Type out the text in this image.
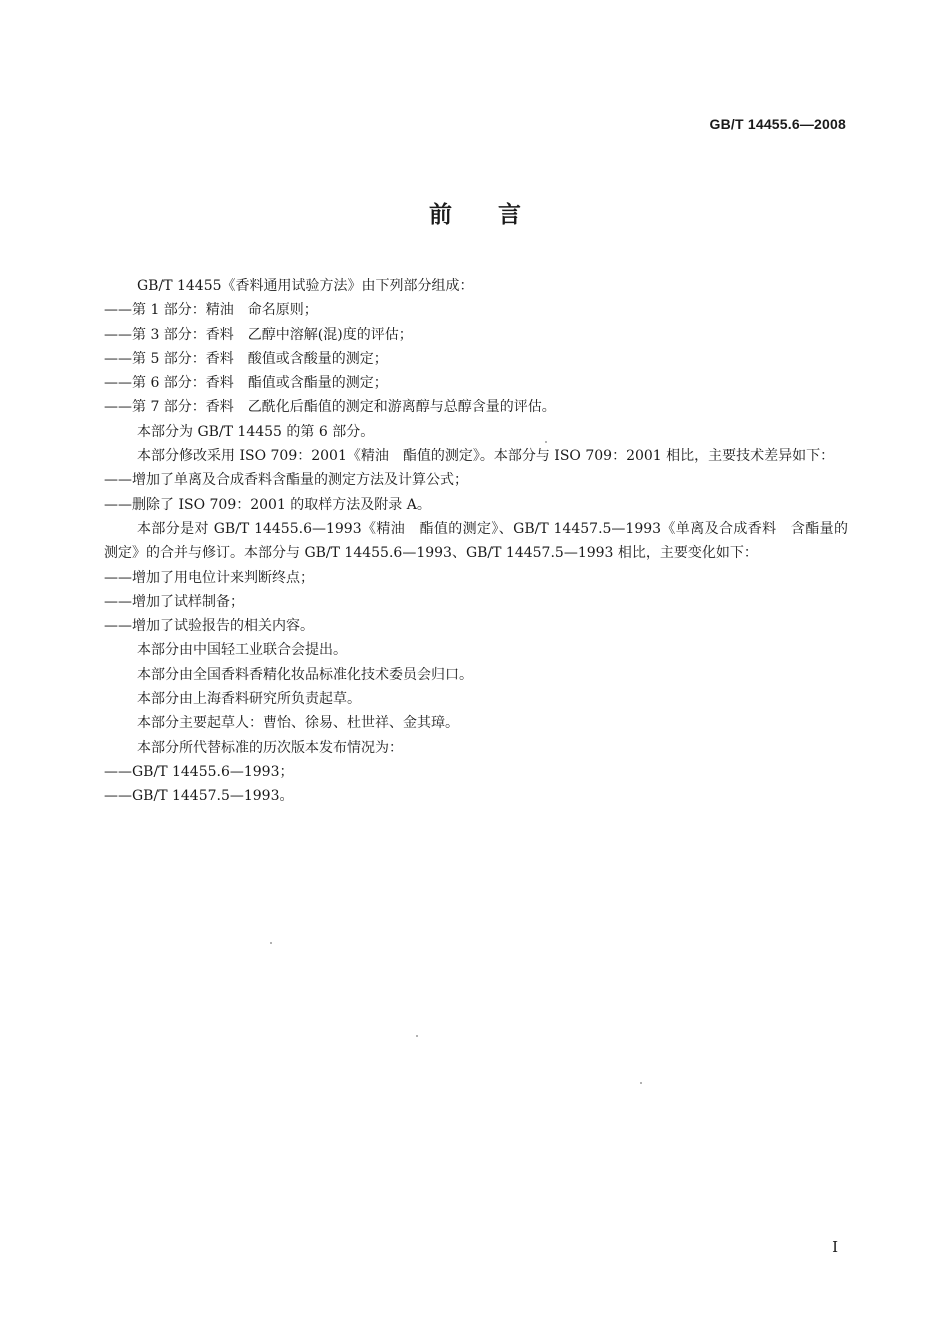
GB/T 14455.6—2008
前言

GB/T 14455《香料通用试验方法》由下列部分组成：

——第 1 部分：精油　命名原则；

——第 3 部分：香料　乙醇中溶解(混)度的评估；

——第 5 部分：香料　酸值或含酸量的测定；

——第 6 部分：香料　酯值或含酯量的测定；

——第 7 部分：香料　乙酰化后酯值的测定和游离醇与总醇含量的评估。

本部分为 GB/T 14455 的第 6 部分。

本部分修改采用 ISO 709：2001《精油　酯值的测定》。本部分与 ISO 709：2001 相比，主要技术差异如下：

——增加了单离及合成香料含酯量的测定方法及计算公式；

——删除了 ISO 709：2001 的取样方法及附录 A。

本部分是对 GB/T 14455.6—1993《精油　酯值的测定》、GB/T 14457.5—1993《单离及合成香料　含酯量的测定》的合并与修订。本部分与 GB/T 14455.6—1993、GB/T 14457.5—1993 相比，主要变化如下：

——增加了用电位计来判断终点；

——增加了试样制备；

——增加了试验报告的相关内容。

本部分由中国轻工业联合会提出。

本部分由全国香料香精化妆品标准化技术委员会归口。

本部分由上海香料研究所负责起草。

本部分主要起草人：曹怡、徐易、杜世祥、金其璋。

本部分所代替标准的历次版本发布情况为：

——GB/T 14455.6—1993；

——GB/T 14457.5—1993。

I
